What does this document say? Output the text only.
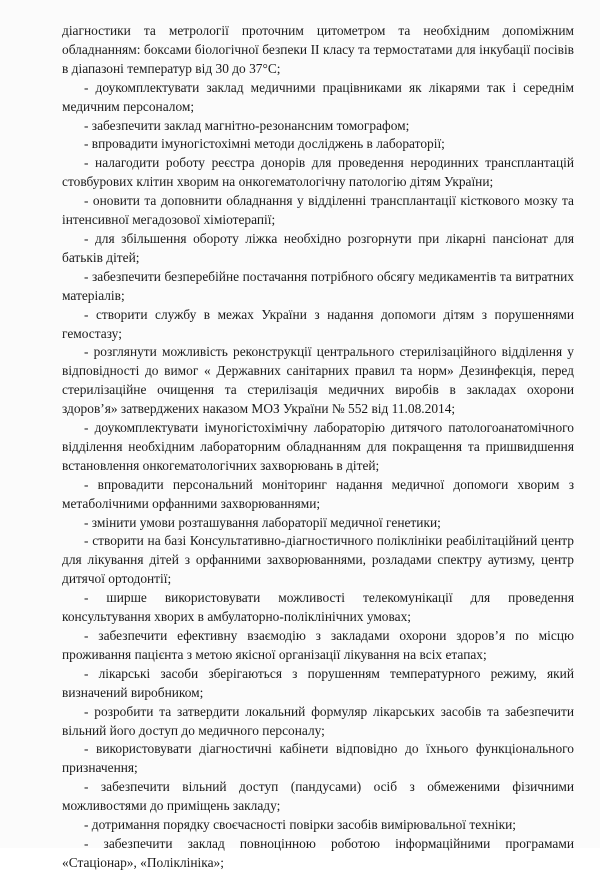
діагностики та метрології проточним цитометром та необхідним допоміжним обладнанням: боксами біологічної безпеки ІІ класу та термостатами для інкубації посівів в діапазоні температур від 30 до 37°С;

- доукомплектувати заклад медичними працівниками як лікарями так і середнім медичним персоналом;

- забезпечити заклад магнітно-резонансним томографом;

- впровадити імуногістохімні методи досліджень в лабораторії;

- налагодити роботу реєстра донорів для проведення неродинних трансплантацій стовбурових клітин хворим на онкогематологічну патологію дітям України;

- оновити та доповнити обладнання у відділенні трансплантації кісткового мозку та інтенсивної мегадозової хіміотерапії;

- для збільшення обороту ліжка необхідно розгорнути при лікарні пансіонат для батьків дітей;

- забезпечити безперебійне постачання потрібного обсягу медикаментів та витратних матеріалів;

- створити службу в межах України з надання допомоги дітям з порушеннями гемостазу;

- розглянути можливість реконструкції центрального стерилізаційного відділення у відповідності до вимог « Державних санітарних правил та норм» Дезинфекція, перед стерилізаційне очищення та стерилізація медичних виробів в закладах охорони здоров’я» затверджених наказом МОЗ України № 552 від 11.08.2014;

- доукомплектувати імуногістохімічну лабораторію дитячого патологоанатомічного відділення необхідним лабораторним обладнанням для покращення та пришвидшення встановлення онкогематологічних захворювань в дітей;

- впровадити персональний моніторинг надання медичної допомоги хворим з метаболічними орфанними захворюваннями;

- змінити умови розташування лабораторії медичної генетики;

- створити на базі Консультативно-діагностичного поліклініки реабілітаційний центр для лікування дітей з орфанними захворюваннями, розладами спектру аутизму, центр дитячої ортодонтії;

- ширше використовувати можливості телекомунікації для проведення консультування хворих в амбулаторно-поліклінічних умовах;

- забезпечити ефективну взаємодію з закладами охорони здоров’я по місцю проживання пацієнта з метою якісної організації лікування на всіх етапах;

- лікарські засоби зберігаються з порушенням температурного режиму, який визначений виробником;

- розробити та затвердити локальний формуляр лікарських засобів та забезпечити вільний його доступ до медичного персоналу;

- використовувати діагностичні кабінети відповідно до їхнього функціонального призначення;

- забезпечити вільний доступ (пандусами) осіб з обмеженими фізичними можливостями до приміщень закладу;

- дотримання порядку своєчасності повірки засобів вимірювальної техніки;

- забезпечити заклад повноцінною роботою інформаційними програмами «Стаціонар», «Поліклініка»;
